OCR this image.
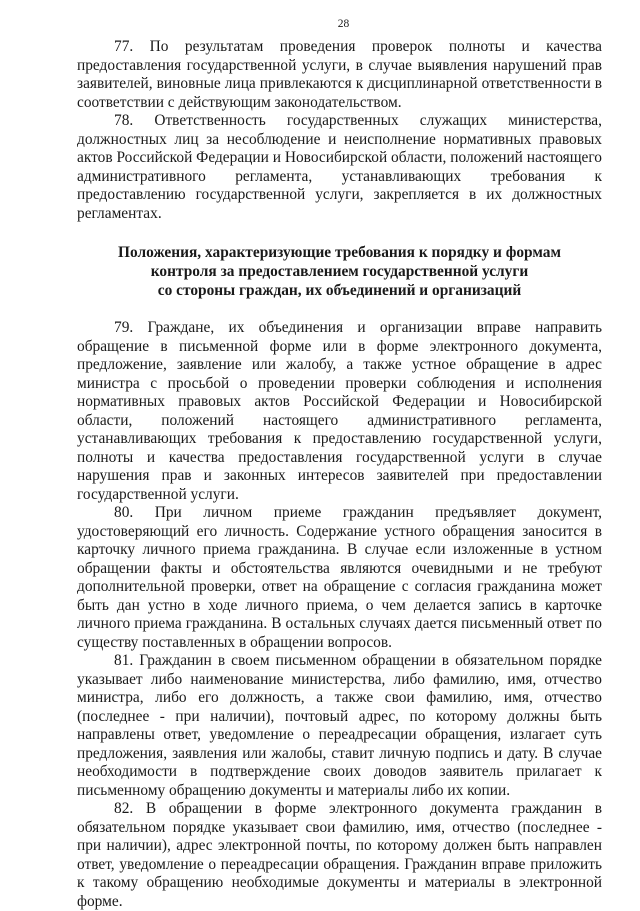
28

77. По результатам проведения проверок полноты и качества предоставления государственной услуги, в случае выявления нарушений прав заявителей, виновные лица привлекаются к дисциплинарной ответственности в соответствии с действующим законодательством.

78. Ответственность государственных служащих министерства, должностных лиц за несоблюдение и неисполнение нормативных правовых актов Российской Федерации и Новосибирской области, положений настоящего административного регламента, устанавливающих требования к предоставлению государственной услуги, закрепляется в их должностных регламентах.

Положения, характеризующие требования к порядку и формам
контроля за предоставлением государственной услуги
со стороны граждан, их объединений и организаций

79. Граждане, их объединения и организации вправе направить обращение в письменной форме или в форме электронного документа, предложение, заявление или жалобу, а также устное обращение в адрес министра с просьбой о проведении проверки соблюдения и исполнения нормативных правовых актов Российской Федерации и Новосибирской области, положений настоящего административного регламента, устанавливающих требования к предоставлению государственной услуги, полноты и качества предоставления государственной услуги в случае нарушения прав и законных интересов заявителей при предоставлении государственной услуги.

80. При личном приеме гражданин предъявляет документ, удостоверяющий его личность. Содержание устного обращения заносится в карточку личного приема гражданина. В случае если изложенные в устном обращении факты и обстоятельства являются очевидными и не требуют дополнительной проверки, ответ на обращение с согласия гражданина может быть дан устно в ходе личного приема, о чем делается запись в карточке личного приема гражданина. В остальных случаях дается письменный ответ по существу поставленных в обращении вопросов.

81. Гражданин в своем письменном обращении в обязательном порядке указывает либо наименование министерства, либо фамилию, имя, отчество министра, либо его должность, а также свои фамилию, имя, отчество (последнее - при наличии), почтовый адрес, по которому должны быть направлены ответ, уведомление о переадресации обращения, излагает суть предложения, заявления или жалобы, ставит личную подпись и дату. В случае необходимости в подтверждение своих доводов заявитель прилагает к письменному обращению документы и материалы либо их копии.

82. В обращении в форме электронного документа гражданин в обязательном порядке указывает свои фамилию, имя, отчество (последнее - при наличии), адрес электронной почты, по которому должен быть направлен ответ, уведомление о переадресации обращения. Гражданин вправе приложить к такому обращению необходимые документы и материалы в электронной форме.
